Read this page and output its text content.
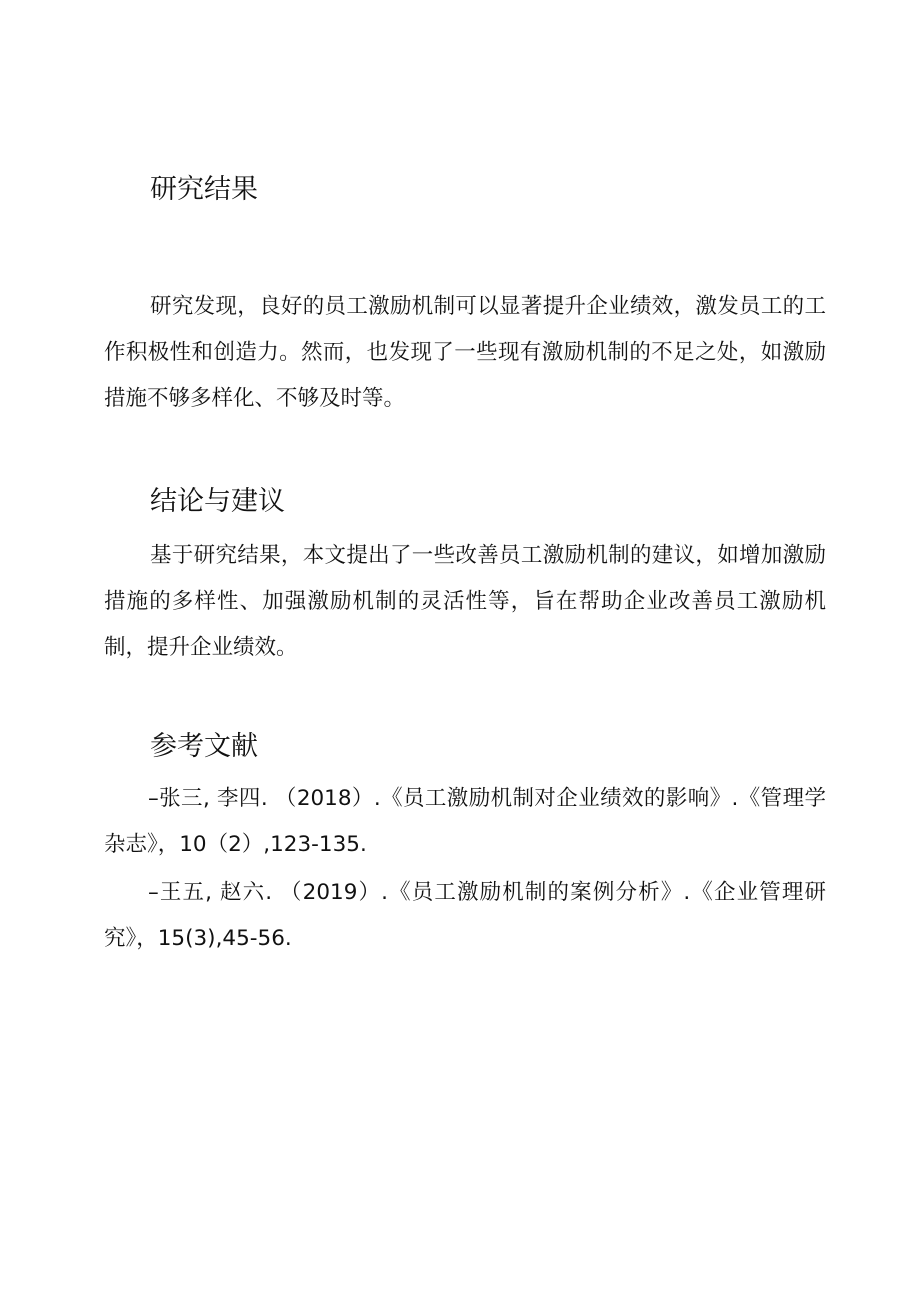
研究结果

研究发现，良好的员工激励机制可以显著提升企业绩效，激发员工的工作积极性和创造力。然而，也发现了一些现有激励机制的不足之处，如激励措施不够多样化、不够及时等。

结论与建议

基于研究结果，本文提出了一些改善员工激励机制的建议，如增加激励措施的多样性、加强激励机制的灵活性等，旨在帮助企业改善员工激励机制，提升企业绩效。

参考文献

–张三, 李四. （2018）.《员工激励机制对企业绩效的影响》.《管理学杂志》，10（2）,123-135.

–王五, 赵六. （2019）.《员工激励机制的案例分析》.《企业管理研究》，15(3),45-56.
